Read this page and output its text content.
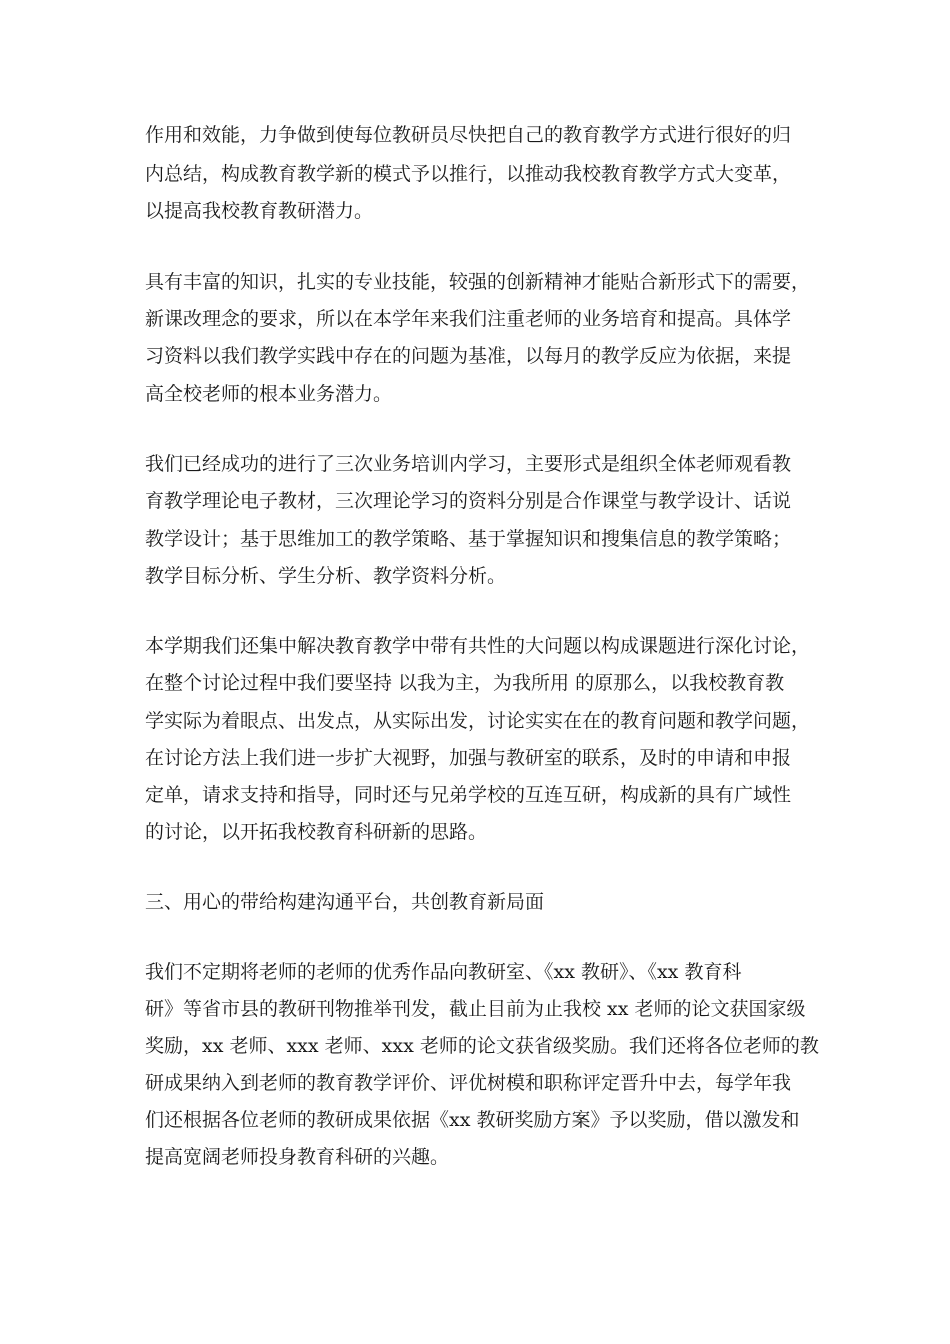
作用和效能，力争做到使每位教研员尽快把自己的教育教学方式进行很好的归
内总结，构成教育教学新的模式予以推行，以推动我校教育教学方式大变革，
以提高我校教育教研潜力。
具有丰富的知识，扎实的专业技能，较强的创新精神才能贴合新形式下的需要，
新课改理念的要求，所以在本学年来我们注重老师的业务培育和提高。具体学
习资料以我们教学实践中存在的问题为基准，以每月的教学反应为依据，来提
高全校老师的根本业务潜力。
我们已经成功的进行了三次业务培训内学习，主要形式是组织全体老师观看教
育教学理论电子教材，三次理论学习的资料分别是合作课堂与教学设计、话说
教学设计；基于思维加工的教学策略、基于掌握知识和搜集信息的教学策略；
教学目标分析、学生分析、教学资料分析。
本学期我们还集中解决教育教学中带有共性的大问题以构成课题进行深化讨论，
在整个讨论过程中我们要坚持 以我为主，为我所用 的原那么，以我校教育教
学实际为着眼点、出发点，从实际出发，讨论实实在在的教育问题和教学问题，
在讨论方法上我们进一步扩大视野，加强与教研室的联系，及时的申请和申报
定单，请求支持和指导，同时还与兄弟学校的互连互研，构成新的具有广域性
的讨论，以开拓我校教育科研新的思路。
三、用心的带给构建沟通平台，共创教育新局面
我们不定期将老师的老师的优秀作品向教研室、《xx 教研》、《xx 教育科
研》等省市县的教研刊物推举刊发，截止目前为止我校 xx 老师的论文获国家级
奖励，xx 老师、xxx 老师、xxx 老师的论文获省级奖励。我们还将各位老师的教
研成果纳入到老师的教育教学评价、评优树模和职称评定晋升中去，每学年我
们还根据各位老师的教研成果依据《xx 教研奖励方案》予以奖励，借以激发和
提高宽阔老师投身教育科研的兴趣。
